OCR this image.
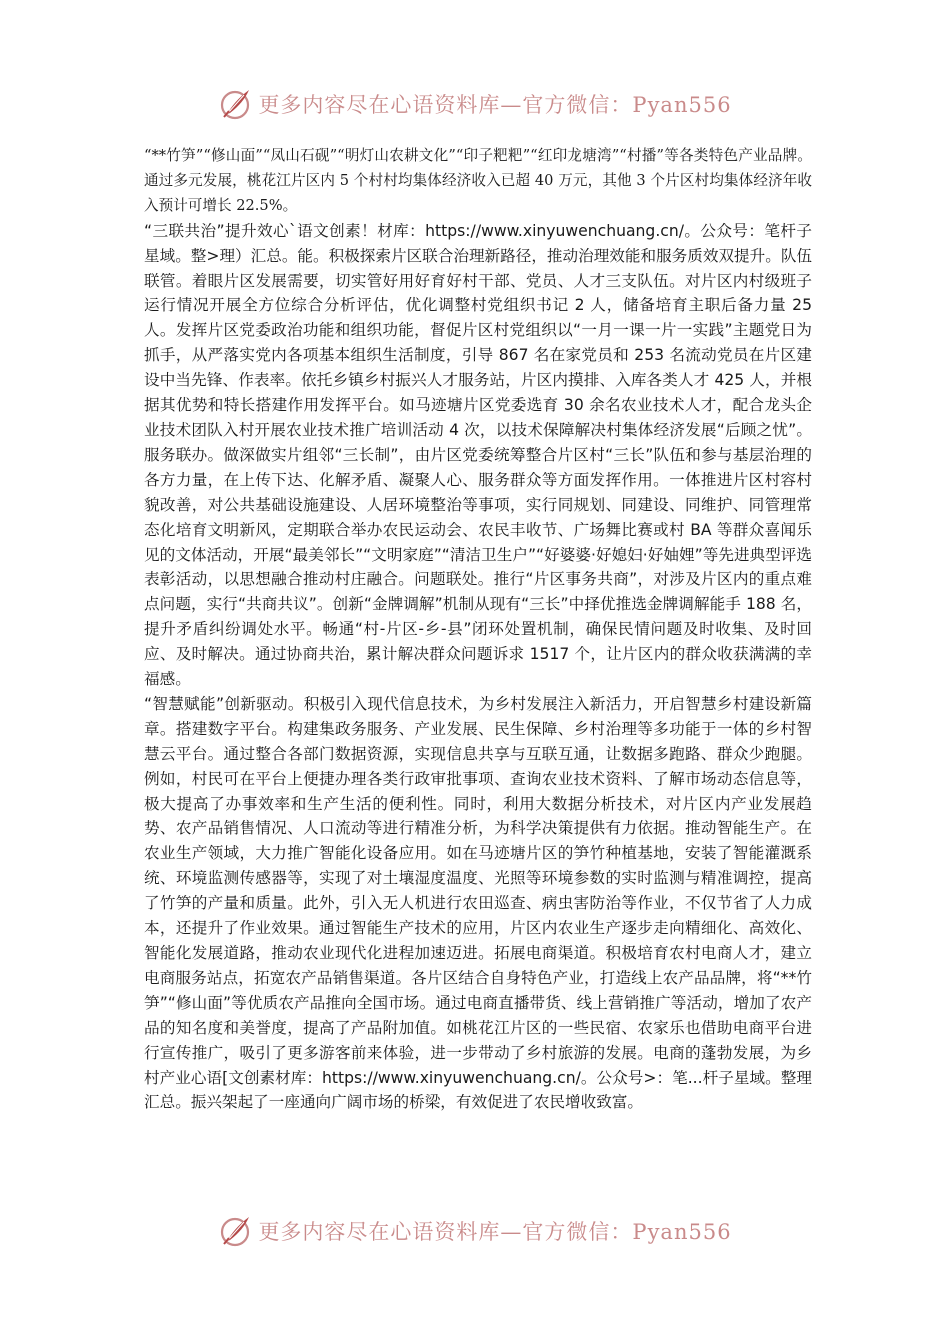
更多内容尽在心语资料库—官方微信：Pyan556

“**竹笋”“修山面”“凤山石砚”“明灯山农耕文化”“印子粑粑”“红印龙塘湾”“村播”等各类特色产业品牌。通过多元发展，桃花江片区内 5 个村村均集体经济收入已超 40 万元，其他 3 个片区村均集体经济年收入预计可增长 22.5%。

“三联共治”提升效心`语文创素！材库：https://www.xinyuwenchuang.cn/。公众号：笔杆子星域。整>理）汇总。能。积极探索片区联合治理新路径，推动治理效能和服务质效双提升。队伍联管。着眼片区发展需要，切实管好用好育好村干部、党员、人才三支队伍。对片区内村级班子运行情况开展全方位综合分析评估，优化调整村党组织书记 2 人，储备培育主职后备力量 25 人。发挥片区党委政治功能和组织功能，督促片区村党组织以“一月一课一片一实践”主题党日为抓手，从严落实党内各项基本组织生活制度，引导 867 名在家党员和 253 名流动党员在片区建设中当先锋、作表率。依托乡镇乡村振兴人才服务站，片区内摸排、入库各类人才 425 人，并根据其优势和特长搭建作用发挥平台。如马迹塘片区党委选育 30 余名农业技术人才，配合龙头企业技术团队入村开展农业技术推广培训活动 4 次，以技术保障解决村集体经济发展“后顾之忧”。服务联办。做深做实片组邻“三长制”，由片区党委统筹整合片区村“三长”队伍和参与基层治理的各方力量，在上传下达、化解矛盾、凝聚人心、服务群众等方面发挥作用。一体推进片区村容村貌改善，对公共基础设施建设、人居环境整治等事项，实行同规划、同建设、同维护、同管理常态化培育文明新风，定期联合举办农民运动会、农民丰收节、广场舞比赛或村 BA 等群众喜闻乐见的文体活动，开展“最美邻长”“文明家庭”“清洁卫生户”“好婆婆·好媳妇·好妯娌”等先进典型评选表彰活动，以思想融合推动村庄融合。问题联处。推行“片区事务共商”，对涉及片区内的重点难点问题，实行“共商共议”。创新“金牌调解”机制从现有“三长”中择优推选金牌调解能手 188 名，提升矛盾纠纷调处水平。畅通“村-片区-乡-县”闭环处置机制，确保民情问题及时收集、及时回应、及时解决。通过协商共治，累计解决群众问题诉求 1517 个，让片区内的群众收获满满的幸福感。

“智慧赋能”创新驱动。积极引入现代信息技术，为乡村发展注入新活力，开启智慧乡村建设新篇章。搭建数字平台。构建集政务服务、产业发展、民生保障、乡村治理等多功能于一体的乡村智慧云平台。通过整合各部门数据资源，实现信息共享与互联互通，让数据多跑路、群众少跑腿。例如，村民可在平台上便捷办理各类行政审批事项、查询农业技术资料、了解市场动态信息等，极大提高了办事效率和生产生活的便利性。同时，利用大数据分析技术，对片区内产业发展趋势、农产品销售情况、人口流动等进行精准分析，为科学决策提供有力依据。推动智能生产。在农业生产领域，大力推广智能化设备应用。如在马迹塘片区的笋竹种植基地，安装了智能灌溉系统、环境监测传感器等，实现了对土壤湿度温度、光照等环境参数的实时监测与精准调控，提高了竹笋的产量和质量。此外，引入无人机进行农田巡查、病虫害防治等作业，不仅节省了人力成本，还提升了作业效果。通过智能生产技术的应用，片区内农业生产逐步走向精细化、高效化、智能化发展道路，推动农业现代化进程加速迈进。拓展电商渠道。积极培育农村电商人才，建立电商服务站点，拓宽农产品销售渠道。各片区结合自身特色产业，打造线上农产品品牌，将“**竹笋”“修山面”等优质农产品推向全国市场。通过电商直播带货、线上营销推广等活动，增加了农产品的知名度和美誉度，提高了产品附加值。如桃花江片区的一些民宿、农家乐也借助电商平台进行宣传推广，吸引了更多游客前来体验，进一步带动了乡村旅游的发展。电商的蓬勃发展，为乡村产业心语[文创素材库：https://www.xinyuwenchuang.cn/。公众号>：笔...杆子星域。整理汇总。振兴架起了一座通向广阔市场的桥梁，有效促进了农民增收致富。

更多内容尽在心语资料库—官方微信：Pyan556
